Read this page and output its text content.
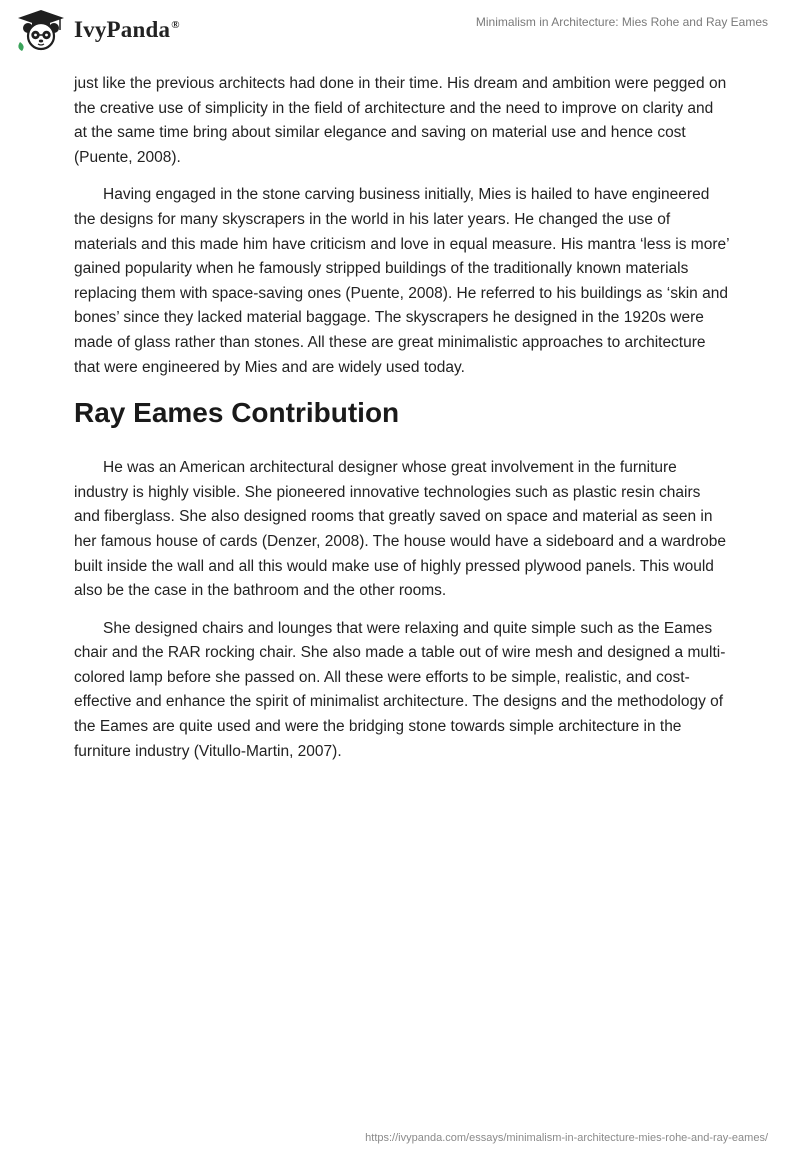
IvyPanda®	Minimalism in Architecture: Mies Rohe and Ray Eames

just like the previous architects had done in their time. His dream and ambition were pegged on the creative use of simplicity in the field of architecture and the need to improve on clarity and at the same time bring about similar elegance and saving on material use and hence cost (Puente, 2008).

Having engaged in the stone carving business initially, Mies is hailed to have engineered the designs for many skyscrapers in the world in his later years. He changed the use of materials and this made him have criticism and love in equal measure. His mantra ‘less is more’ gained popularity when he famously stripped buildings of the traditionally known materials replacing them with space-saving ones (Puente, 2008). He referred to his buildings as ‘skin and bones’ since they lacked material baggage. The skyscrapers he designed in the 1920s were made of glass rather than stones. All these are great minimalistic approaches to architecture that were engineered by Mies and are widely used today.

Ray Eames Contribution

He was an American architectural designer whose great involvement in the furniture industry is highly visible. She pioneered innovative technologies such as plastic resin chairs and fiberglass. She also designed rooms that greatly saved on space and material as seen in her famous house of cards (Denzer, 2008). The house would have a sideboard and a wardrobe built inside the wall and all this would make use of highly pressed plywood panels. This would also be the case in the bathroom and the other rooms.

She designed chairs and lounges that were relaxing and quite simple such as the Eames chair and the RAR rocking chair. She also made a table out of wire mesh and designed a multi-colored lamp before she passed on. All these were efforts to be simple, realistic, and cost-effective and enhance the spirit of minimalist architecture. The designs and the methodology of the Eames are quite used and were the bridging stone towards simple architecture in the furniture industry (Vitullo-Martin, 2007).

https://ivypanda.com/essays/minimalism-in-architecture-mies-rohe-and-ray-eames/
